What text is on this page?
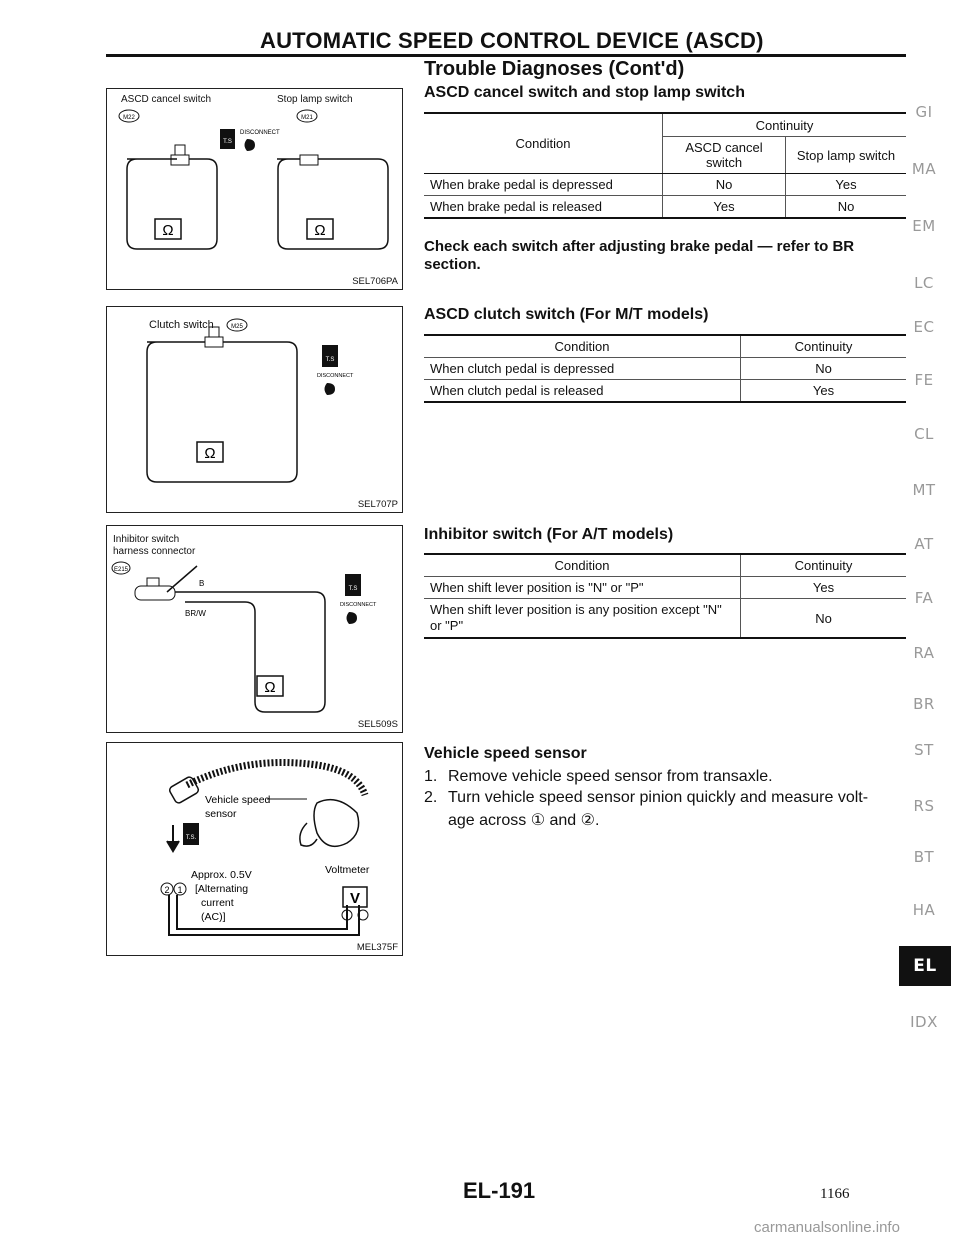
AUTOMATIC SPEED CONTROL DEVICE (ASCD)
Trouble Diagnoses (Cont'd)
ASCD cancel switch	Stop lamp switch
M22	M21
T.S
DISCONNECT
Ω	Ω
SEL706PA
Clutch switch	M25
Ω
T.S
DISCONNECT
SEL707P
Inhibitor switch
harness connector
E215
B
BR/W
Ω
T.S
DISCONNECT
SEL509S
Vehicle speed
sensor
T.S.
Approx. 0.5V
[Alternating
current
(AC)]
Voltmeter
2 1	V
MEL375F
ASCD cancel switch and stop lamp switch
Condition	Continuity	
	ASCD cancel switch	Stop lamp switch
When brake pedal is depressed	No	Yes
When brake pedal is released	Yes	No
Check each switch after adjusting brake pedal — refer to BR
section.
ASCD clutch switch (For M/T models)
Condition	Continuity
When clutch pedal is depressed	No
When clutch pedal is released	Yes
Inhibitor switch (For A/T models)
Condition	Continuity
When shift lever position is "N" or "P"	Yes
When shift lever position is any position except "N" or "P"	No
Vehicle speed sensor
1. Remove vehicle speed sensor from transaxle.
2. Turn vehicle speed sensor pinion quickly and measure volt-
age across ① and ②.
GI
MA
EM
LC
EC
FE
CL
MT
AT
FA
RA
BR
ST
RS
BT
HA
EL
IDX
EL-191	1166
carmanualsonline.info
